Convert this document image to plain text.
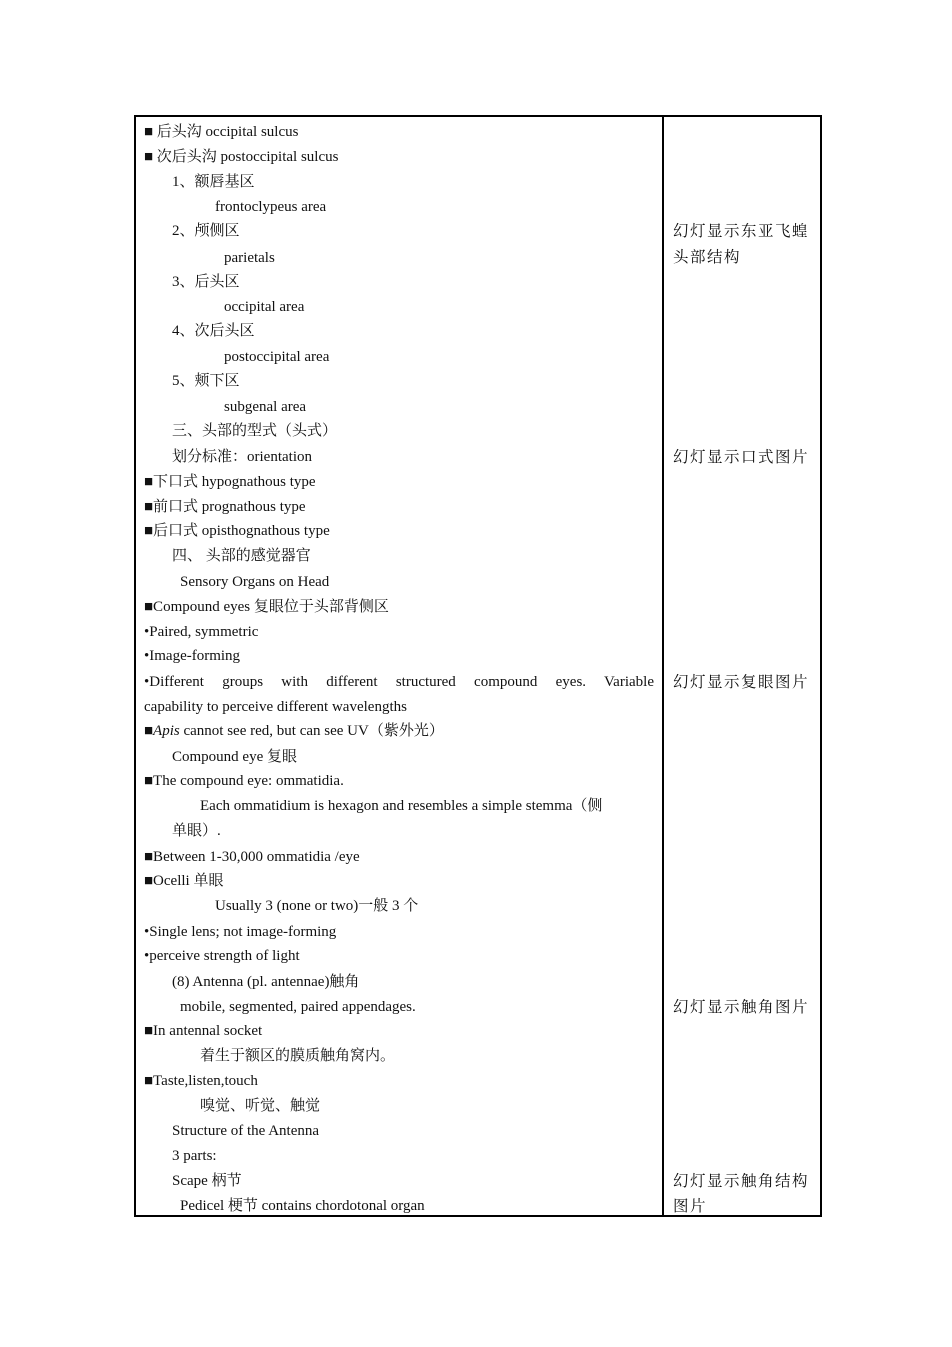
■ 后头沟 occipital sulcus
■ 次后头沟 postoccipital sulcus
1、额唇基区
frontoclypeus area
2、颅侧区
parietals
3、后头区
occipital area
4、次后头区
postoccipital area
5、颊下区
subgenal area
三、头部的型式（头式）
划分标准：orientation
■下口式 hypognathous type
■前口式 prognathous type
■后口式 opisthognathous type
四、 头部的感觉器官
Sensory Organs on Head
■Compound eyes 复眼位于头部背侧区
•Paired, symmetric
•Image-forming
•Different groups with different structured compound eyes. Variable
capability to perceive different wavelengths
■Apis cannot see red, but can see UV（紫外光）
Compound eye 复眼
■The compound eye: ommatidia.
Each ommatidium is hexagon and resembles a simple stemma（侧
单眼）.
■Between 1-30,000 ommatidia /eye
■Ocelli 单眼
Usually 3 (none or two)一般 3 个
•Single lens; not image-forming
•perceive strength of light
(8) Antenna (pl. antennae)触角
mobile, segmented, paired appendages.
■In antennal socket
着生于额区的膜质触角窝内。
■Taste,listen,touch
嗅觉、听觉、触觉
Structure of the Antenna
3 parts:
Scape 柄节
Pedicel 梗节 contains chordotonal organ
幻灯显示东亚飞蝗
头部结构
幻灯显示口式图片
幻灯显示复眼图片
幻灯显示触角图片
幻灯显示触角结构
图片
